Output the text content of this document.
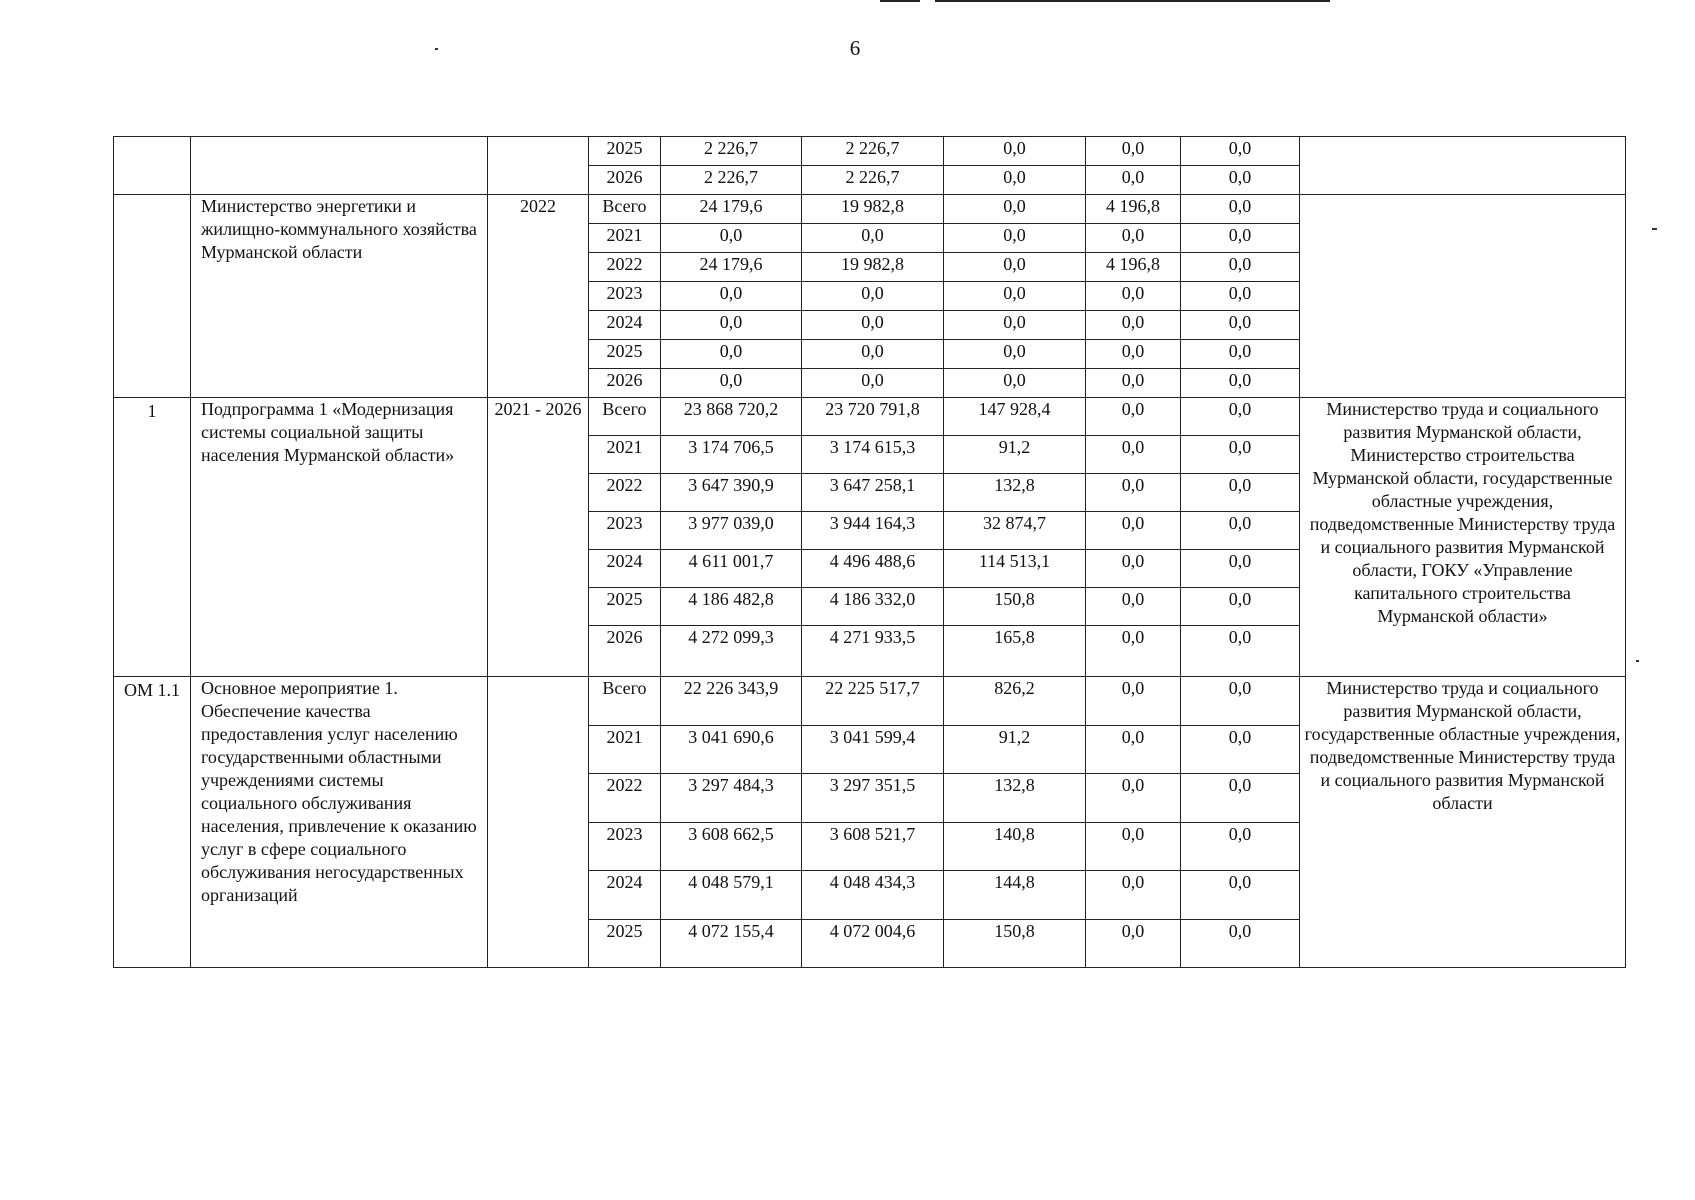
6
			2025	2 226,7	2 226,7	0,0	0,0	0,0	
			2026	2 226,7	2 226,7	0,0	0,0	0,0	
	Министерство энергетики и жилищно-коммунального хозяйства Мурманской области	2022	Всего	24 179,6	19 982,8	0,0	4 196,8	0,0	
			2021	0,0	0,0	0,0	0,0	0,0	
			2022	24 179,6	19 982,8	0,0	4 196,8	0,0	
			2023	0,0	0,0	0,0	0,0	0,0	
			2024	0,0	0,0	0,0	0,0	0,0	
			2025	0,0	0,0	0,0	0,0	0,0	
			2026	0,0	0,0	0,0	0,0	0,0	
1	Подпрограмма 1 «Модернизация системы социальной защиты населения Мурманской области»	2021 - 2026	Всего	23 868 720,2	23 720 791,8	147 928,4	0,0	0,0	Министерство труда и социального развития Мурманской области, Министерство строительства Мурманской области, государственные областные учреждения, подведомственные Министерству труда и социального развития Мурманской области, ГОКУ «Управление капитального строительства Мурманской области»
			2021	3 174 706,5	3 174 615,3	91,2	0,0	0,0	
			2022	3 647 390,9	3 647 258,1	132,8	0,0	0,0	
			2023	3 977 039,0	3 944 164,3	32 874,7	0,0	0,0	
			2024	4 611 001,7	4 496 488,6	114 513,1	0,0	0,0	
			2025	4 186 482,8	4 186 332,0	150,8	0,0	0,0	
			2026	4 272 099,3	4 271 933,5	165,8	0,0	0,0	
ОМ 1.1	Основное мероприятие 1. Обеспечение качества предоставления услуг населению государственными областными учреждениями системы социального обслуживания населения, привлечение к оказанию услуг в сфере социального обслуживания негосударственных организаций		Всего	22 226 343,9	22 225 517,7	826,2	0,0	0,0	Министерство труда и социального развития Мурманской области, государственные областные учреждения, подведомственные Министерству труда и социального развития Мурманской области
			2021	3 041 690,6	3 041 599,4	91,2	0,0	0,0	
			2022	3 297 484,3	3 297 351,5	132,8	0,0	0,0	
			2023	3 608 662,5	3 608 521,7	140,8	0,0	0,0	
			2024	4 048 579,1	4 048 434,3	144,8	0,0	0,0	
			2025	4 072 155,4	4 072 004,6	150,8	0,0	0,0	
